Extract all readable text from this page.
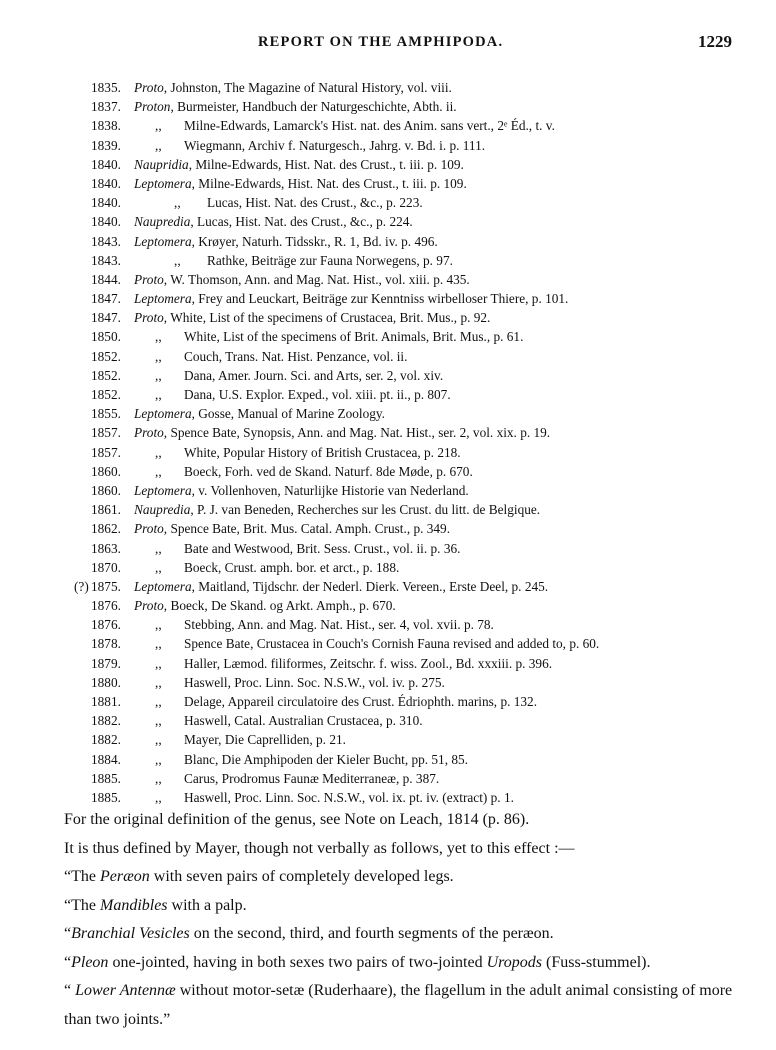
REPORT ON THE AMPHIPODA.	1229
1835. Proto, Johnston, The Magazine of Natural History, vol. viii.
1837. Proton, Burmeister, Handbuch der Naturgeschichte, Abth. ii.
1838.	,, Milne-Edwards, Lamarck's Hist. nat. des Anim. sans vert., 2ᵉ Éd., t. v.
1839.	,, Wiegmann, Archiv f. Naturgesch., Jahrg. v. Bd. i. p. 111.
1840. Naupridia, Milne-Edwards, Hist. Nat. des Crust., t. iii. p. 109.
1840. Leptomera, Milne-Edwards, Hist. Nat. des Crust., t. iii. p. 109.
1840.	,, Lucas, Hist. Nat. des Crust., &c., p. 223.
1840. Naupredia, Lucas, Hist. Nat. des Crust., &c., p. 224.
1843. Leptomera, Krøyer, Naturh. Tidsskr., R. 1, Bd. iv. p. 496.
1843.	,, Rathke, Beiträge zur Fauna Norwegens, p. 97.
1844. Proto, W. Thomson, Ann. and Mag. Nat. Hist., vol. xiii. p. 435.
1847. Leptomera, Frey and Leuckart, Beiträge zur Kenntniss wirbelloser Thiere, p. 101.
1847. Proto, White, List of the specimens of Crustacea, Brit. Mus., p. 92.
1850.	,, White, List of the specimens of Brit. Animals, Brit. Mus., p. 61.
1852.	,, Couch, Trans. Nat. Hist. Penzance, vol. ii.
1852.	,, Dana, Amer. Journ. Sci. and Arts, ser. 2, vol. xiv.
1852.	,, Dana, U.S. Explor. Exped., vol. xiii. pt. ii., p. 807.
1855. Leptomera, Gosse, Manual of Marine Zoology.
1857. Proto, Spence Bate, Synopsis, Ann. and Mag. Nat. Hist., ser. 2, vol. xix. p. 19.
1857.	,, White, Popular History of British Crustacea, p. 218.
1860.	,, Boeck, Forh. ved de Skand. Naturf. 8de Møde, p. 670.
1860. Leptomera, v. Vollenhoven, Naturlijke Historie van Nederland.
1861. Naupredia, P. J. van Beneden, Recherches sur les Crust. du litt. de Belgique.
1862. Proto, Spence Bate, Brit. Mus. Catal. Amph. Crust., p. 349.
1863.	,, Bate and Westwood, Brit. Sess. Crust., vol. ii. p. 36.
1870.	,, Boeck, Crust. amph. bor. et arct., p. 188.
(?) 1875. Leptomera, Maitland, Tijdschr. der Nederl. Dierk. Vereen., Erste Deel, p. 245.
1876. Proto, Boeck, De Skand. og Arkt. Amph., p. 670.
1876.	,, Stebbing, Ann. and Mag. Nat. Hist., ser. 4, vol. xvii. p. 78.
1878.	,, Spence Bate, Crustacea in Couch's Cornish Fauna revised and added to, p. 60.
1879.	,, Haller, Læmod. filiformes, Zeitschr. f. wiss. Zool., Bd. xxxiii. p. 396.
1880.	,, Haswell, Proc. Linn. Soc. N.S.W., vol. iv. p. 275.
1881.	,, Delage, Appareil circulatoire des Crust. Édriophth. marins, p. 132.
1882.	,, Haswell, Catal. Australian Crustacea, p. 310.
1882.	,, Mayer, Die Caprelliden, p. 21.
1884.	,, Blanc, Die Amphipoden der Kieler Bucht, pp. 51, 85.
1885.	,, Carus, Prodromus Faunæ Mediterraneæ, p. 387.
1885.	,, Haswell, Proc. Linn. Soc. N.S.W., vol. ix. pt. iv. (extract) p. 1.

For the original definition of the genus, see Note on Leach, 1814 (p. 86).

It is thus defined by Mayer, though not verbally as follows, yet to this effect :—

“The Peræon with seven pairs of completely developed legs.

“The Mandibles with a palp.

“Branchial Vesicles on the second, third, and fourth segments of the peræon.

“Pleon one-jointed, having in both sexes two pairs of two-jointed Uropods (Fuss-stummel).

“ Lower Antennæ without motor-setæ (Ruderhaare), the flagellum in the adult animal consisting of more than two joints.”
